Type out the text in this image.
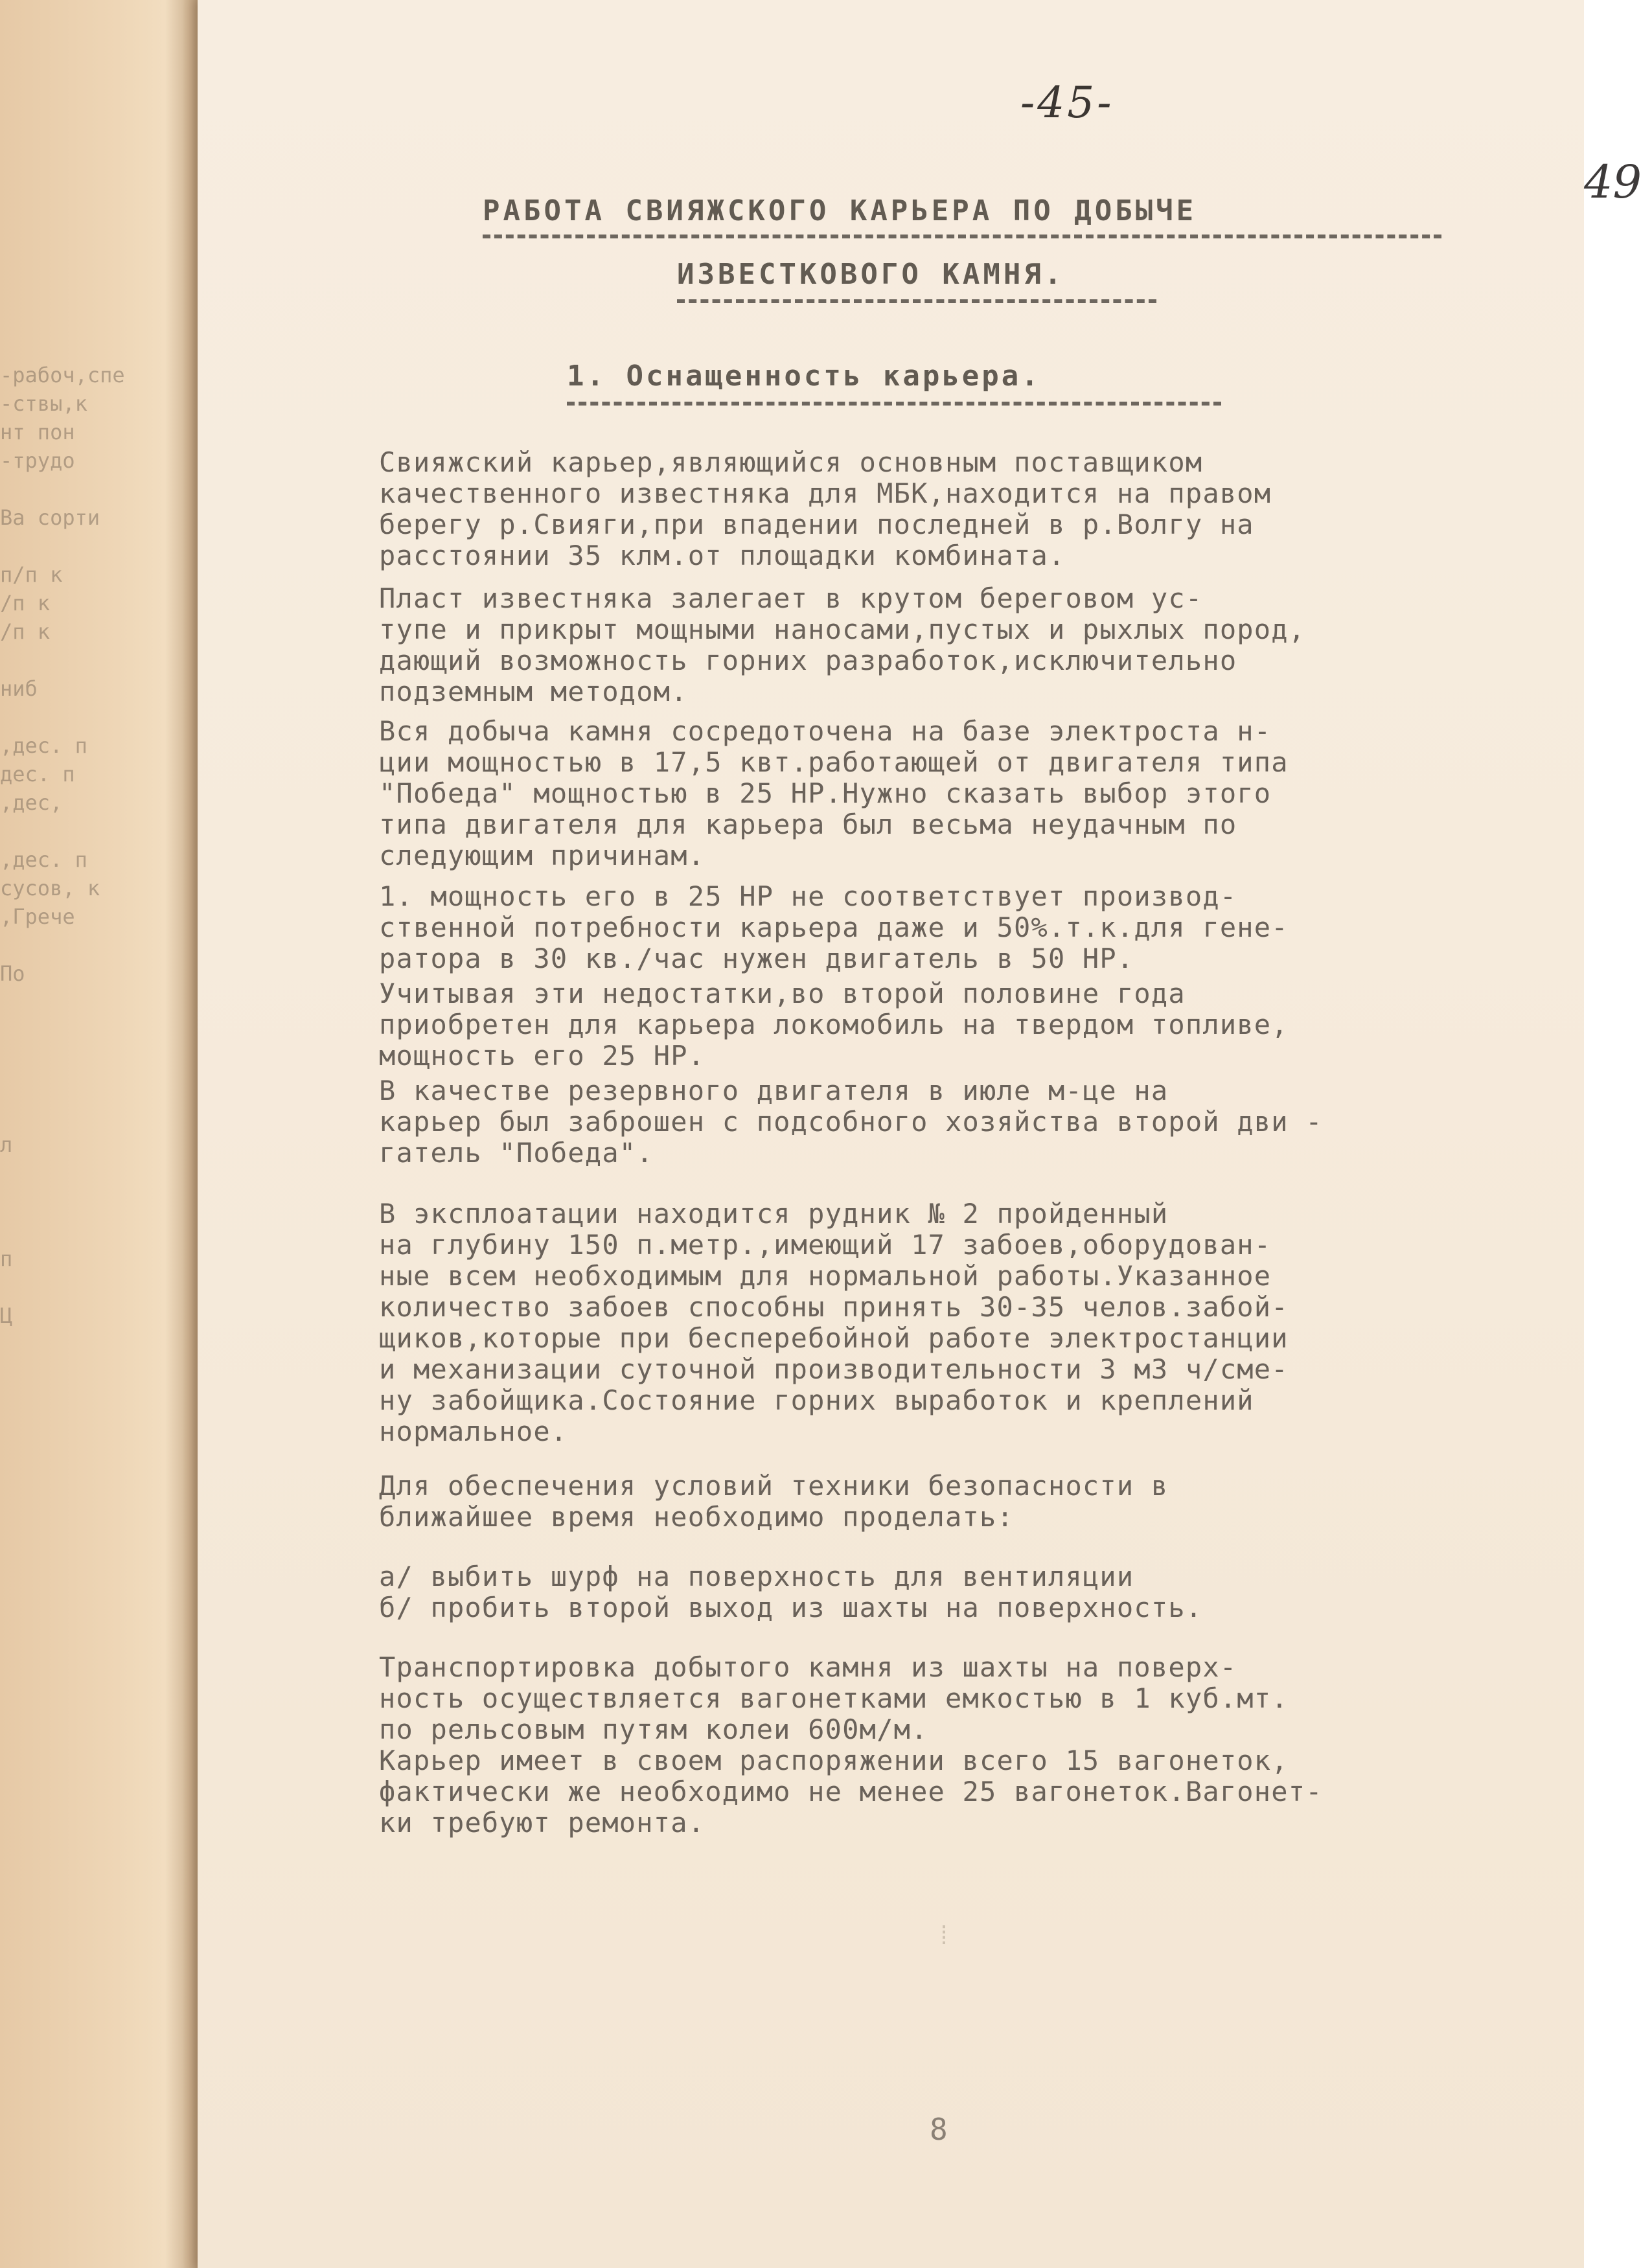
-рабоч,спе
-ствы,к
нт пон
-трудо
Ва сорти
п/п к
/п к
/п к
ниб
,дес. п
дес. п
,дес,
,дес. п
сусов, к
,Грече
По
л
п
Ц
-45-
49
РАБОТА СВИЯЖСКОГО КАРЬЕРА ПО ДОБЫЧЕ
ИЗВЕСТКОВОГО КАМНЯ.
1. Оснащенность карьера.
Свияжский карьер,являющийся основным поставщиком
качественного известняка для МБК,находится на правом
берегу р.Свияги,при впадении последней в р.Волгу на
расстоянии 35 клм.от площадки комбината.
Пласт известняка залегает в крутом береговом ус-
тупе и прикрыт мощными наносами,пустых и рыхлых пород,
дающий возможность горних разработок,исключительно
подземным методом.
Вся добыча камня сосредоточена на базе электроста н-
ции мощностью в 17,5 квт.работающей от двигателя типа
"Победа" мощностью в 25 НР.Нужно сказать выбор этого
типа двигателя для карьера был весьма неудачным по
следующим причинам.
1. мощность его в 25 НР не соответствует производ-
ственной потребности карьера даже и 50%.т.к.для гене-
ратора в 30 кв./час нужен двигатель в 50 НР.
Учитывая эти недостатки,во второй половине года
приобретен для карьера локомобиль на твердом топливе,
мощность его 25 НР.
В качестве резервного двигателя в июле м-це на
карьер был заброшен с подсобного хозяйства второй дви -
гатель "Победа".
В эксплоатации находится рудник № 2 пройденный
на глубину 150 п.метр.,имеющий 17 забоев,оборудован-
ные всем необходимым для нормальной работы.Указанное
количество забоев способны принять 30-35 челов.забой-
щиков,которые при бесперебойной работе электростанции
и механизации суточной производительности 3 м3 ч/сме-
ну забойщика.Состояние горних выработок и креплений
нормальное.
Для обеспечения условий техники безопасности в
ближайшее время необходимо проделать:
а/ выбить шурф на поверхность для вентиляции
б/ пробить второй выход из шахты на поверхность.
Транспортировка добытого камня из шахты на поверх-
ность осуществляется вагонетками емкостью в 1 куб.мт.
по рельсовым путям колеи 600м/м.
Карьер имеет в своем распоряжении всего 15 вагонеток,
фактически же необходимо не менее 25 вагонеток.Вагонет-
ки требуют ремонта.
⁞
8
